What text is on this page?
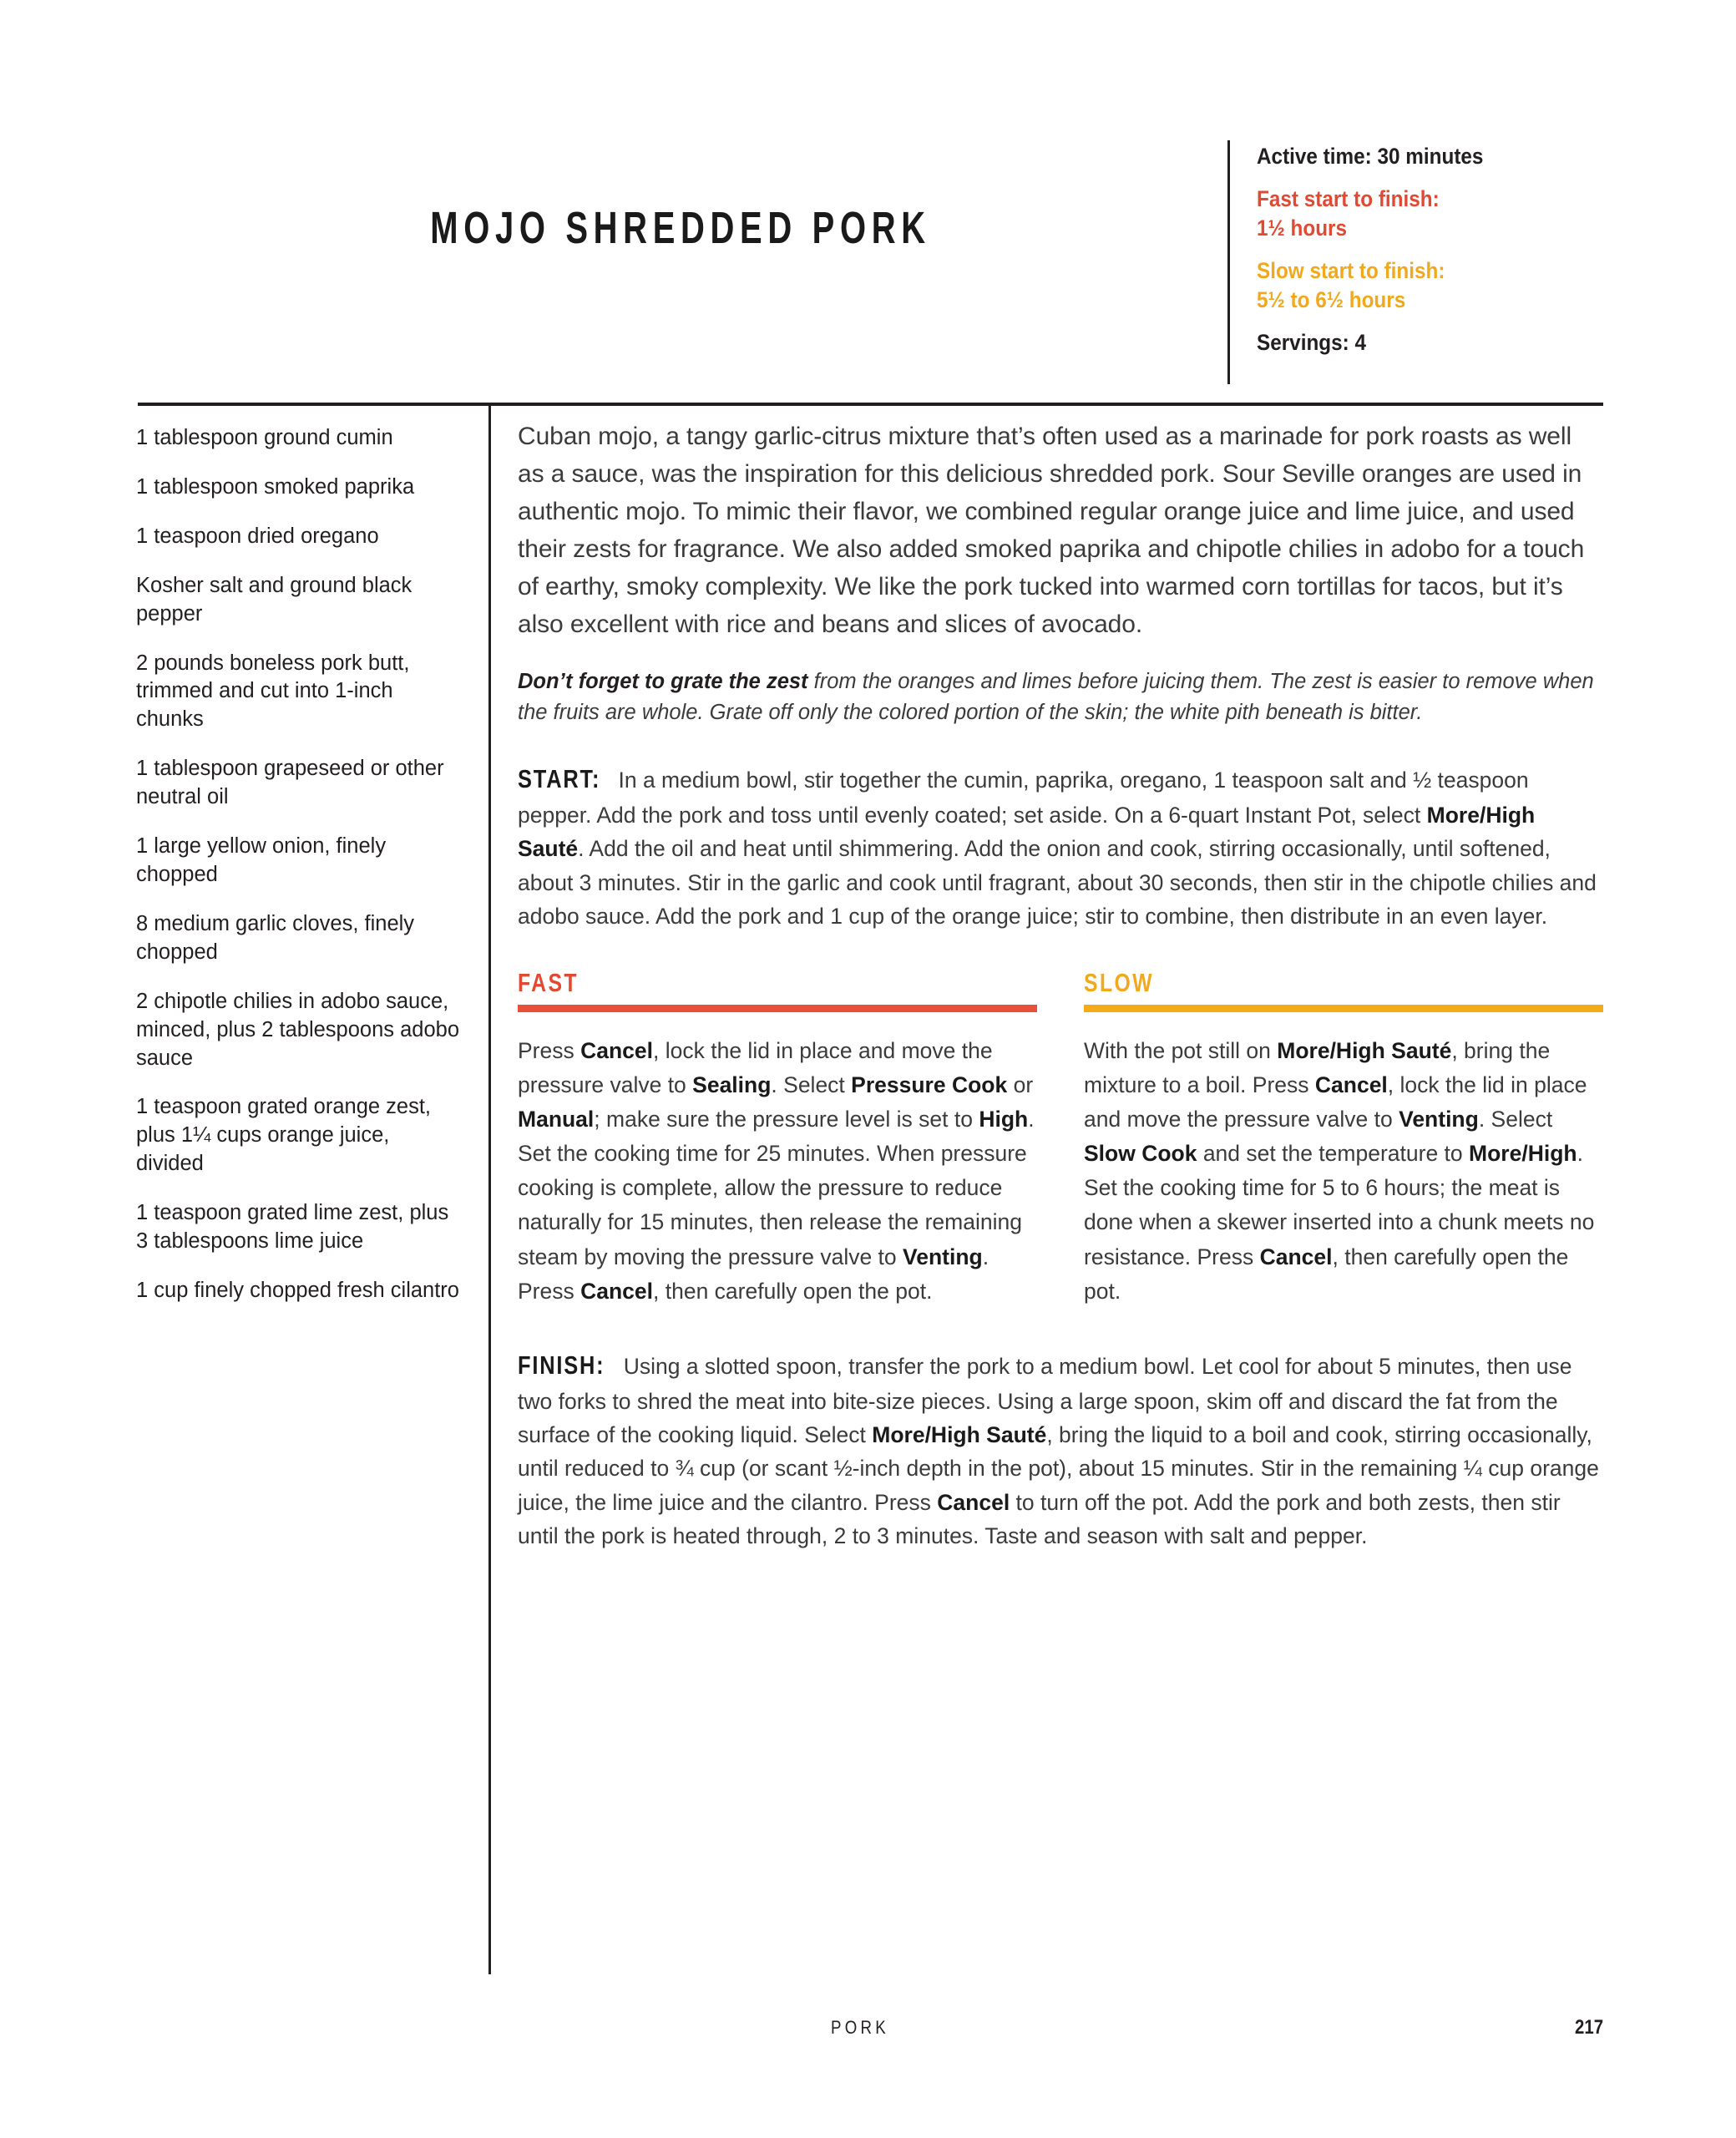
MOJO SHREDDED PORK

Active time: 30 minutes

Fast start to finish:
1½ hours

Slow start to finish:
5½ to 6½ hours

Servings: 4

1 tablespoon ground cumin

1 tablespoon smoked paprika

1 teaspoon dried oregano

Kosher salt and ground black pepper

2 pounds boneless pork butt, trimmed and cut into 1-inch chunks

1 tablespoon grapeseed or other neutral oil

1 large yellow onion, finely chopped

8 medium garlic cloves, finely chopped

2 chipotle chilies in adobo sauce, minced, plus 2 tablespoons adobo sauce

1 teaspoon grated orange zest, plus 1¼ cups orange juice, divided

1 teaspoon grated lime zest, plus 3 tablespoons lime juice

1 cup finely chopped fresh cilantro

Cuban mojo, a tangy garlic-citrus mixture that’s often used as a marinade for pork roasts as well as a sauce, was the inspiration for this delicious shredded pork. Sour Seville oranges are used in authentic mojo. To mimic their flavor, we combined regular orange juice and lime juice, and used their zests for fragrance. We also added smoked paprika and chipotle chilies in adobo for a touch of earthy, smoky complexity. We like the pork tucked into warmed corn tortillas for tacos, but it’s also excellent with rice and beans and slices of avocado.

Don’t forget to grate the zest from the oranges and limes before juicing them. The zest is easier to remove when the fruits are whole. Grate off only the colored portion of the skin; the white pith beneath is bitter.

START: In a medium bowl, stir together the cumin, paprika, oregano, 1 teaspoon salt and ½ teaspoon pepper. Add the pork and toss until evenly coated; set aside. On a 6-quart Instant Pot, select More/High Sauté. Add the oil and heat until shimmering. Add the onion and cook, stirring occasionally, until softened, about 3 minutes. Stir in the garlic and cook until fragrant, about 30 seconds, then stir in the chipotle chilies and adobo sauce. Add the pork and 1 cup of the orange juice; stir to combine, then distribute in an even layer.

FAST

Press Cancel, lock the lid in place and move the pressure valve to Sealing. Select Pressure Cook or Manual; make sure the pressure level is set to High. Set the cooking time for 25 minutes. When pressure cooking is complete, allow the pressure to reduce naturally for 15 minutes, then release the remaining steam by moving the pressure valve to Venting. Press Cancel, then carefully open the pot.

SLOW

With the pot still on More/High Sauté, bring the mixture to a boil. Press Cancel, lock the lid in place and move the pressure valve to Venting. Select Slow Cook and set the temperature to More/High. Set the cooking time for 5 to 6 hours; the meat is done when a skewer inserted into a chunk meets no resistance. Press Cancel, then carefully open the pot.

FINISH: Using a slotted spoon, transfer the pork to a medium bowl. Let cool for about 5 minutes, then use two forks to shred the meat into bite-size pieces. Using a large spoon, skim off and discard the fat from the surface of the cooking liquid. Select More/High Sauté, bring the liquid to a boil and cook, stirring occasionally, until reduced to ¾ cup (or scant ½-inch depth in the pot), about 15 minutes. Stir in the remaining ¼ cup orange juice, the lime juice and the cilantro. Press Cancel to turn off the pot. Add the pork and both zests, then stir until the pork is heated through, 2 to 3 minutes. Taste and season with salt and pepper.

PORK	217
